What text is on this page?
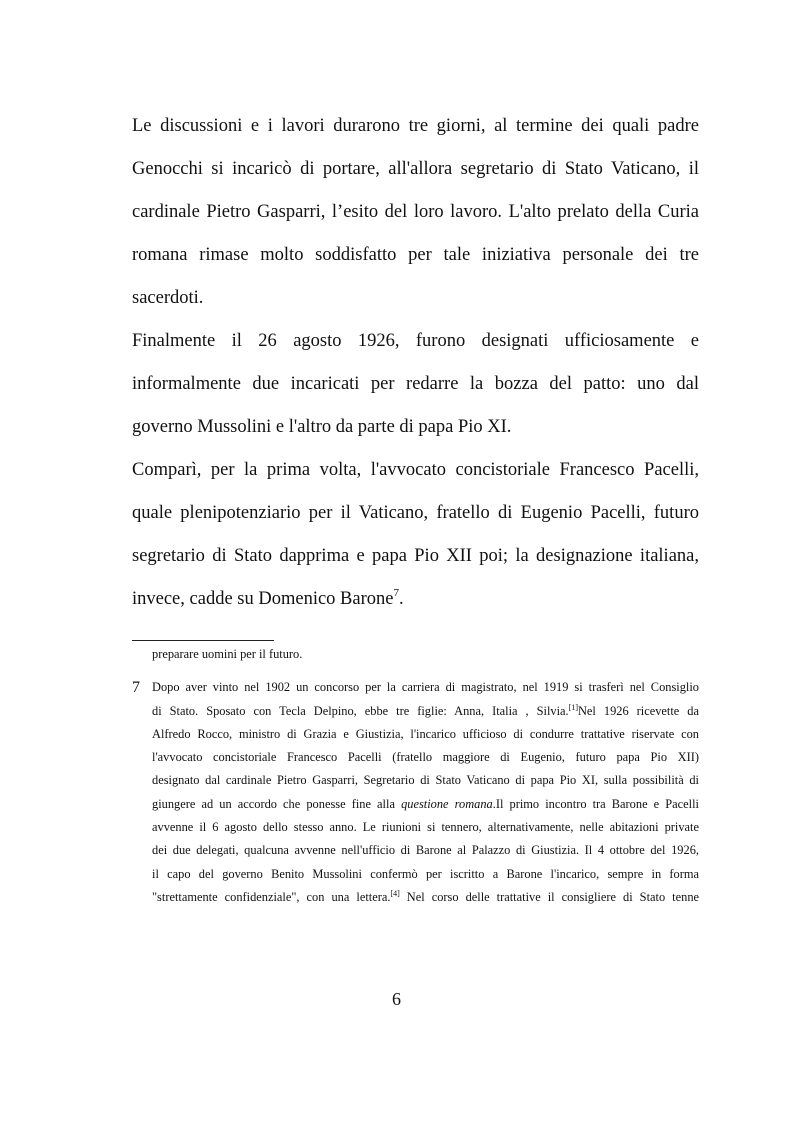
Le discussioni e i lavori durarono tre giorni, al termine dei quali padre
Genocchi si incaricò di portare, all'allora segretario di Stato Vaticano, il
cardinale Pietro Gasparri, l’esito del loro lavoro. L'alto prelato della Curia
romana rimase molto soddisfatto per tale iniziativa personale dei tre
sacerdoti.
Finalmente il 26 agosto 1926, furono designati ufficiosamente e
informalmente due incaricati per redarre la bozza del patto: uno dal
governo Mussolini e l'altro da parte di papa Pio XI.
Comparì, per la prima volta, l'avvocato concistoriale Francesco Pacelli,
quale plenipotenziario per il Vaticano, fratello di Eugenio Pacelli, futuro
segretario di Stato dapprima e papa Pio XII poi; la designazione italiana,
invece, cadde su Domenico Barone$^7$.
preparare uomini per il futuro.
7 Dopo aver vinto nel 1902 un concorso per la carriera di magistrato, nel 1919 si trasferì nel Consiglio
di Stato. Sposato con Tecla Delpino, ebbe tre figlie: Anna, Italia , Silvia.[1]Nel 1926 ricevette da
Alfredo Rocco, ministro di Grazia e Giustizia, l'incarico ufficioso di condurre trattative riservate con
l'avvocato concistoriale Francesco Pacelli (fratello maggiore di Eugenio, futuro papa Pio XII)
designato dal cardinale Pietro Gasparri, Segretario di Stato Vaticano di papa Pio XI, sulla possibilità di
giungere ad un accordo che ponesse fine alla questione romana.Il primo incontro tra Barone e Pacelli
avvenne il 6 agosto dello stesso anno. Le riunioni si tennero, alternativamente, nelle abitazioni private
dei due delegati, qualcuna avvenne nell'ufficio di Barone al Palazzo di Giustizia. Il 4 ottobre del 1926,
il capo del governo Benito Mussolini confermò per iscritto a Barone l'incarico, sempre in forma
"strettamente confidenziale", con una lettera.[4] Nel corso delle trattative il consigliere di Stato tenne
6
